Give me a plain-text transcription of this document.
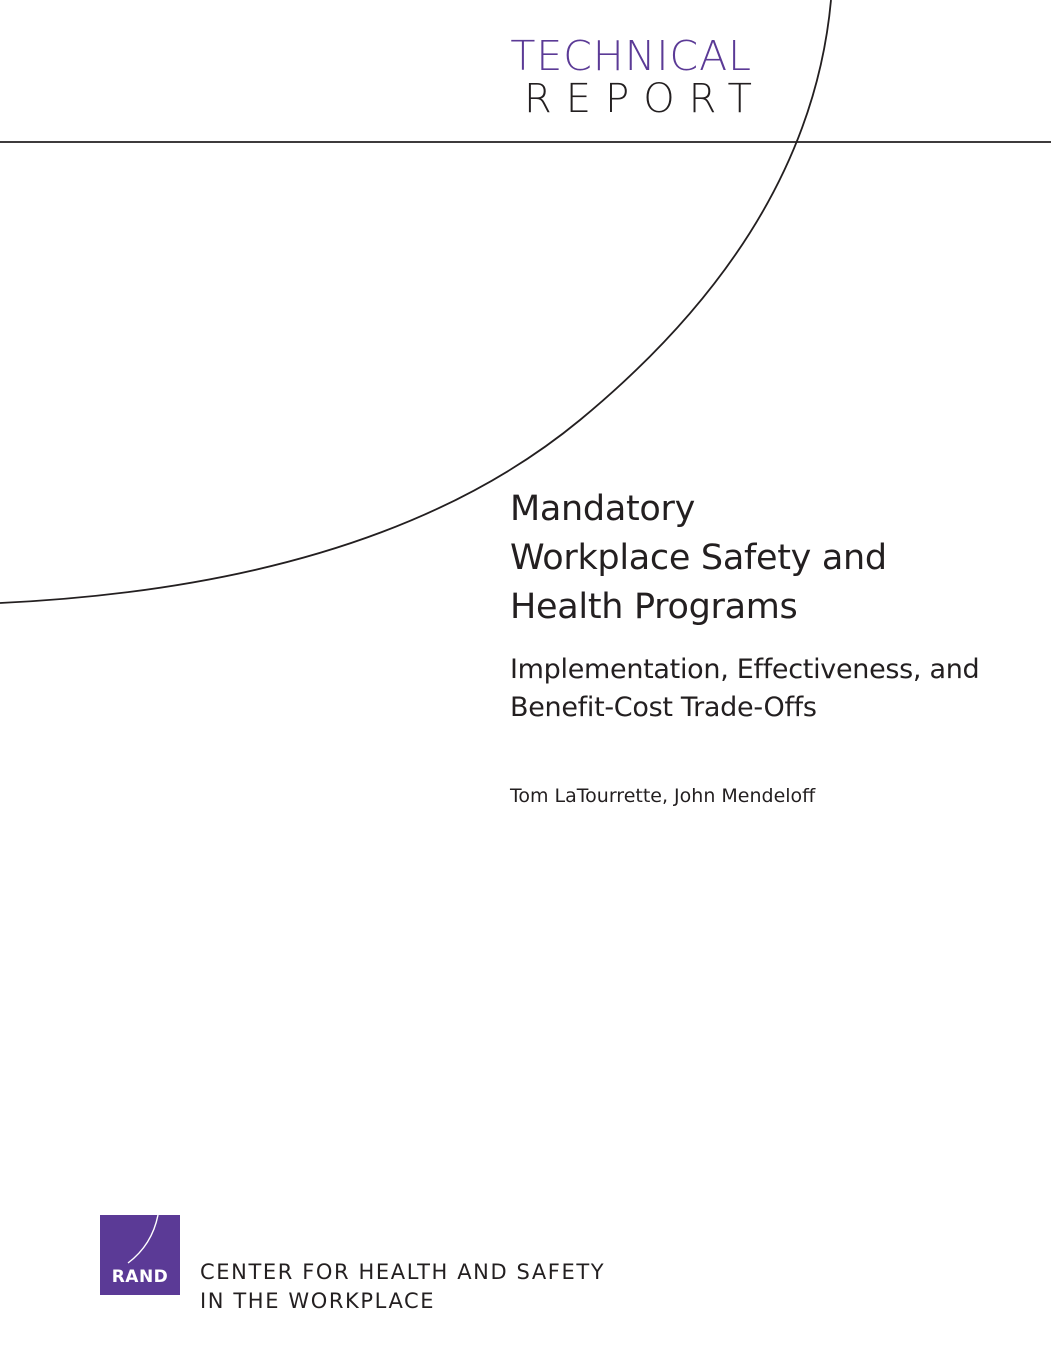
TECHNICAL
REPORT
Mandatory
Workplace Safety and
Health Programs

Implementation, Effectiveness, and
Benefit-Cost Trade-Offs

Tom LaTourrette, John Mendeloff

RAND	CENTER FOR HEALTH AND SAFETY
IN THE WORKPLACE
